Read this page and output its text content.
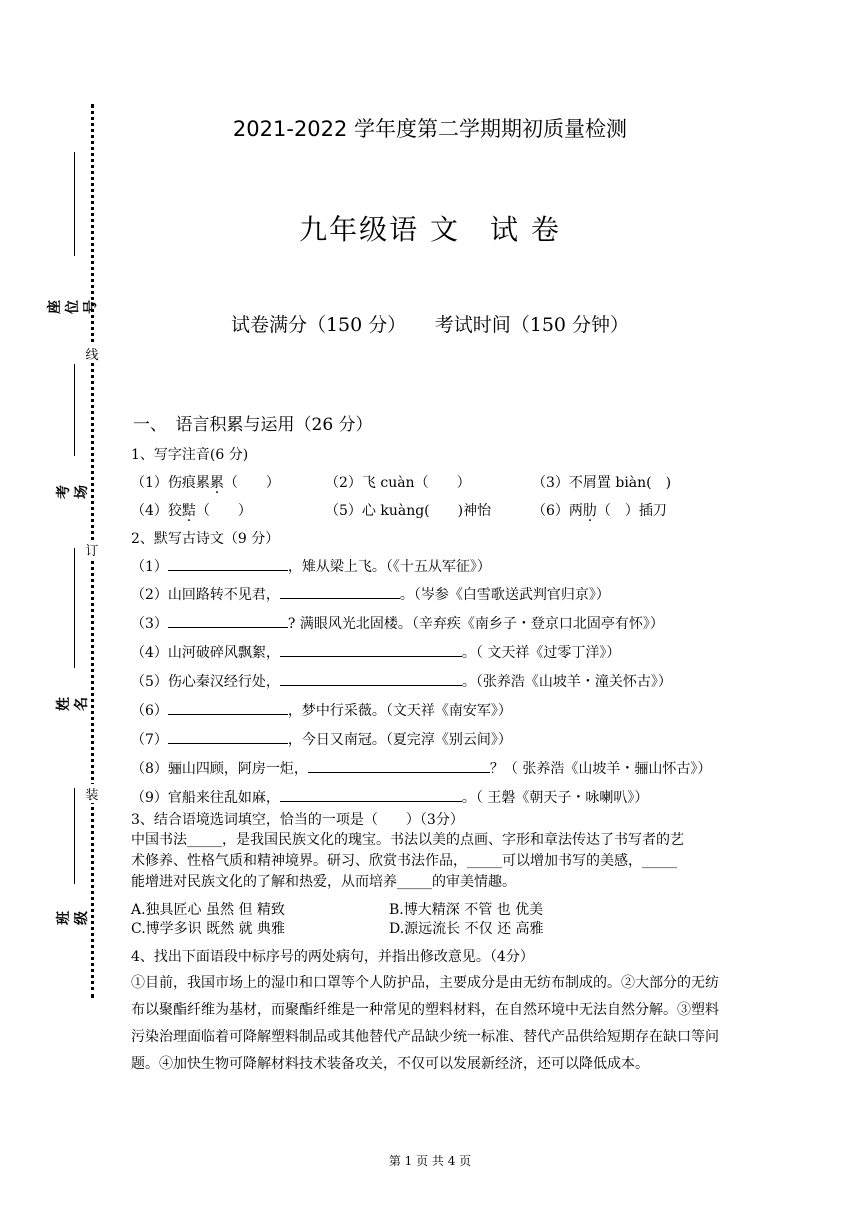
座位号
线
考 场
订
姓 名
装
班 级
2021-2022 学年度第二学期期初质量检测
九年级语 文　试 卷
试卷满分（150 分）　　考试时间（150 分钟）
一、　语言积累与运用（26 分）
1、写字注音(6 分)
（1）伤痕累累（　　）	（2）飞 cuàn（　　）	（3）不屑置 biàn(　)
（4）狡黠（　　）	（5）心 kuàng(　　)神怡	（6）两肋（　）插刀
2、默写古诗文（9 分）
（1）	，雉从梁上飞。（《十五从军征》）
（2）山回路转不见君，	。（岑参《白雪歌送武判官归京》）
（3）	? 满眼风光北固楼。（辛弃疾《南乡子・登京口北固亭有怀》）
（4）山河破碎风飘絮，	。（ 文天祥《过零丁洋》）
（5）伤心秦汉经行处，	。（张养浩《山坡羊・潼关怀古》）
（6）	，梦中行采薇。（文天祥《南安军》）
（7）	，今日又南冠。（夏完淳《别云间》）
（8）骊山四顾，阿房一炬，	？（ 张养浩《山坡羊・骊山怀古》）
（9）官船来往乱如麻，	。（ 王磐《朝天子・咏喇叭》）
3、结合语境选词填空，恰当的一项是（　　）（3分）
中国书法_____，是我国民族文化的瑰宝。书法以美的点画、字形和章法传达了书写者的艺
术修养、性格气质和精神境界。研习、欣赏书法作品，_____可以增加书写的美感，_____
能增进对民族文化的了解和热爱，从而培养_____的审美情趣。
A.独具匠心 虽然 但 精致	B.博大精深 不管 也 优美
C.博学多识 既然 就 典雅	D.源远流长 不仅 还 高雅
4、找出下面语段中标序号的两处病句，并指出修改意见。（4分）
①目前，我国市场上的湿巾和口罩等个人防护品，主要成分是由无纺布制成的。②大部分的无纺布以聚酯纤维为基材，而聚酯纤维是一种常见的塑料材料，在自然环境中无法自然分解。③塑料污染治理面临着可降解塑料制品或其他替代产品缺少统一标准、替代产品供给短期存在缺口等问题。④加快生物可降解材料技术装备攻关，不仅可以发展新经济，还可以降低成本。
第 1 页 共 4 页
